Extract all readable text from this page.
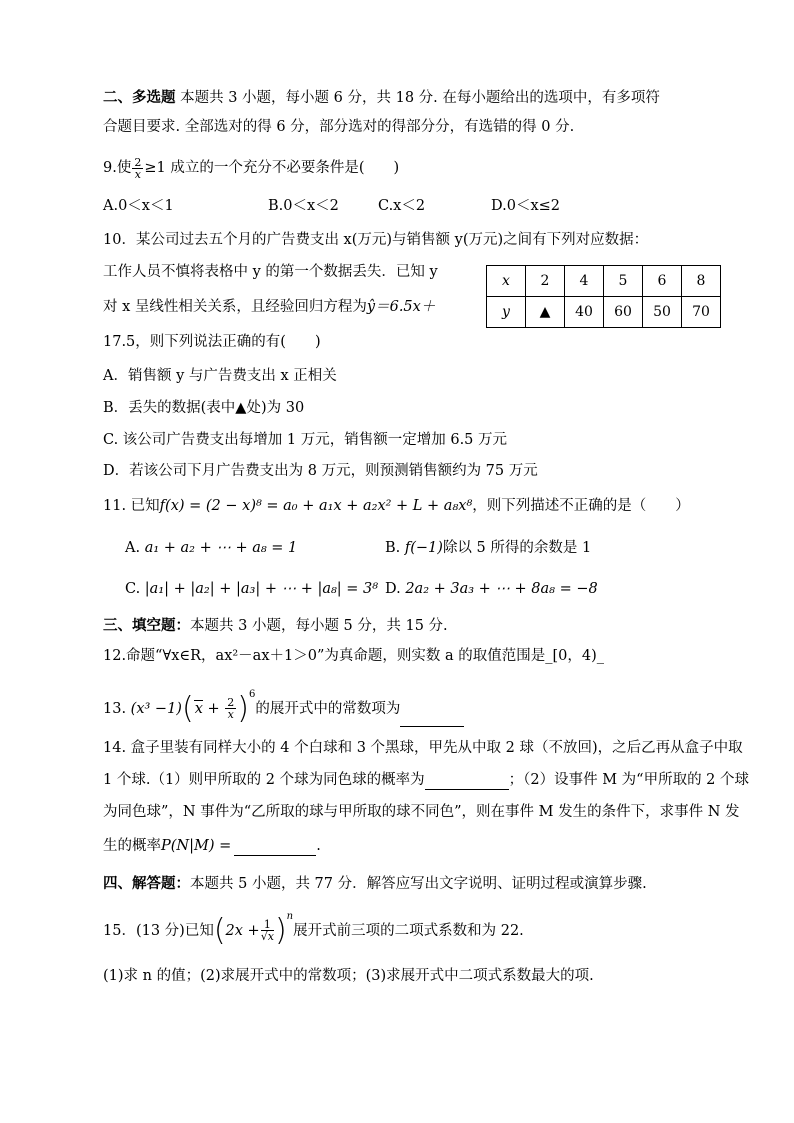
二、多选题 本题共 3 小题，每小题 6 分，共 18 分. 在每小题给出的选项中，有多项符
合题目要求. 全部选对的得 6 分，部分选对的得部分分，有选错的得 0 分.
9.使 $\frac{2}{x} \ge 1$ 成立的一个充分不必要条件是(　　)
A.0＜x＜1	B.0＜x＜2	C.x＜2	D.0＜x≤2
10．某公司过去五个月的广告费支出 x(万元)与销售额 y(万元)之间有下列对应数据：
工作人员不慎将表格中 y 的第一个数据丢失．已知 y
对 x 呈线性相关关系，且经验回归方程为ŷ＝6.5x＋
17.5，则下列说法正确的有(　　)
x	2	4	5	6	8
y	▲	40	60	50	70
A．销售额 y 与广告费支出 x 正相关
B．丢失的数据(表中▲处)为 30
C. 该公司广告费支出每增加 1 万元，销售额一定增加 6.5 万元
D．若该公司下月广告费支出为 8 万元，则预测销售额约为 75 万元
11. 已知f(x) = (2 − x)⁸ = a₀ + a₁x + a₂x² + L + a₈x⁸，则下列描述不正确的是（　　）
A. a₁ + a₂ + ⋯ + a₈ = 1	B. f(−1)除以 5 所得的余数是 1
C. |a₁| + |a₂| + |a₃| + ⋯ + |a₈| = 3⁸ D. 2a₂ + 3a₃ + ⋯ + 8a₈ = −8
三、填空题：本题共 3 小题，每小题 5 分，共 15 分.
12.命题“∀x∈R，ax²－ax＋1＞0”为真命题，则实数 a 的取值范围是_[0，4)_
13. $(x^3 -1)(x + \frac{2}{x} )^6$的展开式中的常数项为
14. 盒子里装有同样大小的 4 个白球和 3 个黑球，甲先从中取 2 球（不放回)，之后乙再从盒子中取
1 个球.（1）则甲所取的 2 个球为同色球的概率为	；（2）设事件 M 为“甲所取的 2 个球
为同色球”，N 事件为“乙所取的球与甲所取的球不同色”，则在事件 M 发生的条件下，求事件 N 发
生的概率P(N|M) =	.
四、解答题：本题共 5 小题，共 77 分．解答应写出文字说明、证明过程或演算步骤.
15．(13 分)已知$(2x + \frac{1}{√x} )^n$展开式前三项的二项式系数和为 22.
(1)求 n 的值；(2)求展开式中的常数项；(3)求展开式中二项式系数最大的项.
